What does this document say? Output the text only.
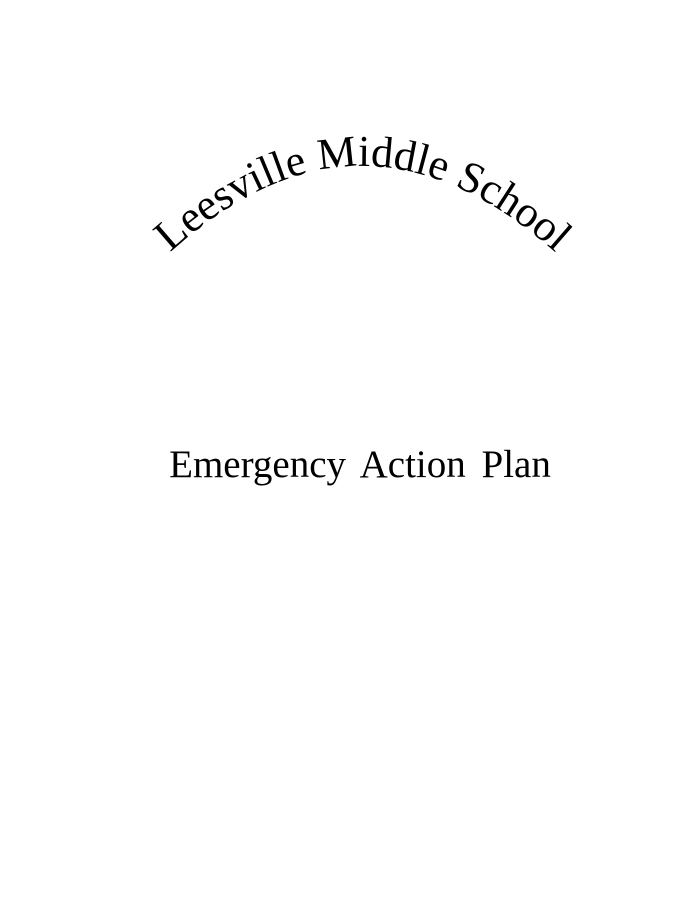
Leesville Middle School
Emergency Action Plan
